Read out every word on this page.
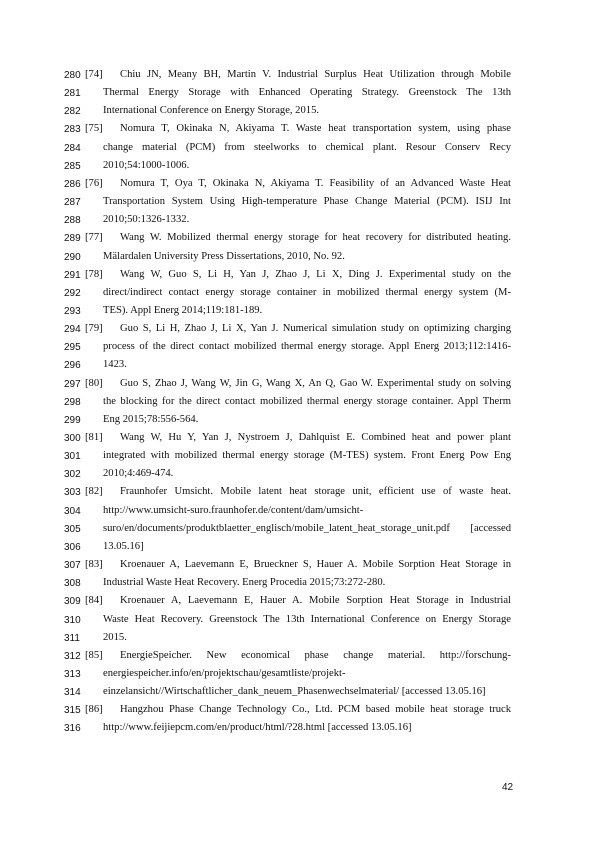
280 [74] Chiu JN, Meany BH, Martin V. Industrial Surplus Heat Utilization through Mobile
281	Thermal Energy Storage with Enhanced Operating Strategy. Greenstock The 13th
282	International Conference on Energy Storage, 2015.
283 [75] Nomura T, Okinaka N, Akiyama T. Waste heat transportation system, using phase
284	change material (PCM) from steelworks to chemical plant. Resour Conserv Recy
285	2010;54:1000-1006.
286 [76] Nomura T, Oya T, Okinaka N, Akiyama T. Feasibility of an Advanced Waste Heat
287	Transportation System Using High-temperature Phase Change Material (PCM). ISIJ Int
288	2010;50:1326-1332.
289 [77] Wang W. Mobilized thermal energy storage for heat recovery for distributed heating.
290	Mälardalen University Press Dissertations, 2010, No. 92.
291 [78] Wang W, Guo S, Li H, Yan J, Zhao J, Li X, Ding J. Experimental study on the
292	direct/indirect contact energy storage container in mobilized thermal energy system (M-
293	TES). Appl Energ 2014;119:181-189.
294 [79] Guo S, Li H, Zhao J, Li X, Yan J. Numerical simulation study on optimizing charging
295	process of the direct contact mobilized thermal energy storage. Appl Energ 2013;112:1416-
296	1423.
297 [80] Guo S, Zhao J, Wang W, Jin G, Wang X, An Q, Gao W. Experimental study on solving
298	the blocking for the direct contact mobilized thermal energy storage container. Appl Therm
299	Eng 2015;78:556-564.
300 [81] Wang W, Hu Y, Yan J, Nystroem J, Dahlquist E. Combined heat and power plant
301	integrated with mobilized thermal energy storage (M-TES) system. Front Energ Pow Eng
302	2010;4:469-474.
303 [82] Fraunhofer Umsicht. Mobile latent heat storage unit, efficient use of waste heat.
304	http://www.umsicht-suro.fraunhofer.de/content/dam/umsicht-
305	suro/en/documents/produktblaetter_englisch/mobile_latent_heat_storage_unit.pdf [accessed
306	13.05.16]
307 [83] Kroenauer A, Laevemann E, Brueckner S, Hauer A. Mobile Sorption Heat Storage in
308	Industrial Waste Heat Recovery. Energ Procedia 2015;73:272-280.
309 [84] Kroenauer A, Laevemann E, Hauer A. Mobile Sorption Heat Storage in Industrial
310	Waste Heat Recovery. Greenstock The 13th International Conference on Energy Storage
311	2015.
312 [85] EnergieSpeicher. New economical phase change material. http://forschung-
313	energiespeicher.info/en/projektschau/gesamtliste/projekt-
314	einzelansicht//Wirtschaftlicher_dank_neuem_Phasenwechselmaterial/ [accessed 13.05.16]
315 [86] Hangzhou Phase Change Technology Co., Ltd. PCM based mobile heat storage truck
316	http://www.feijiepcm.com/en/product/html/?28.html [accessed 13.05.16]
42
